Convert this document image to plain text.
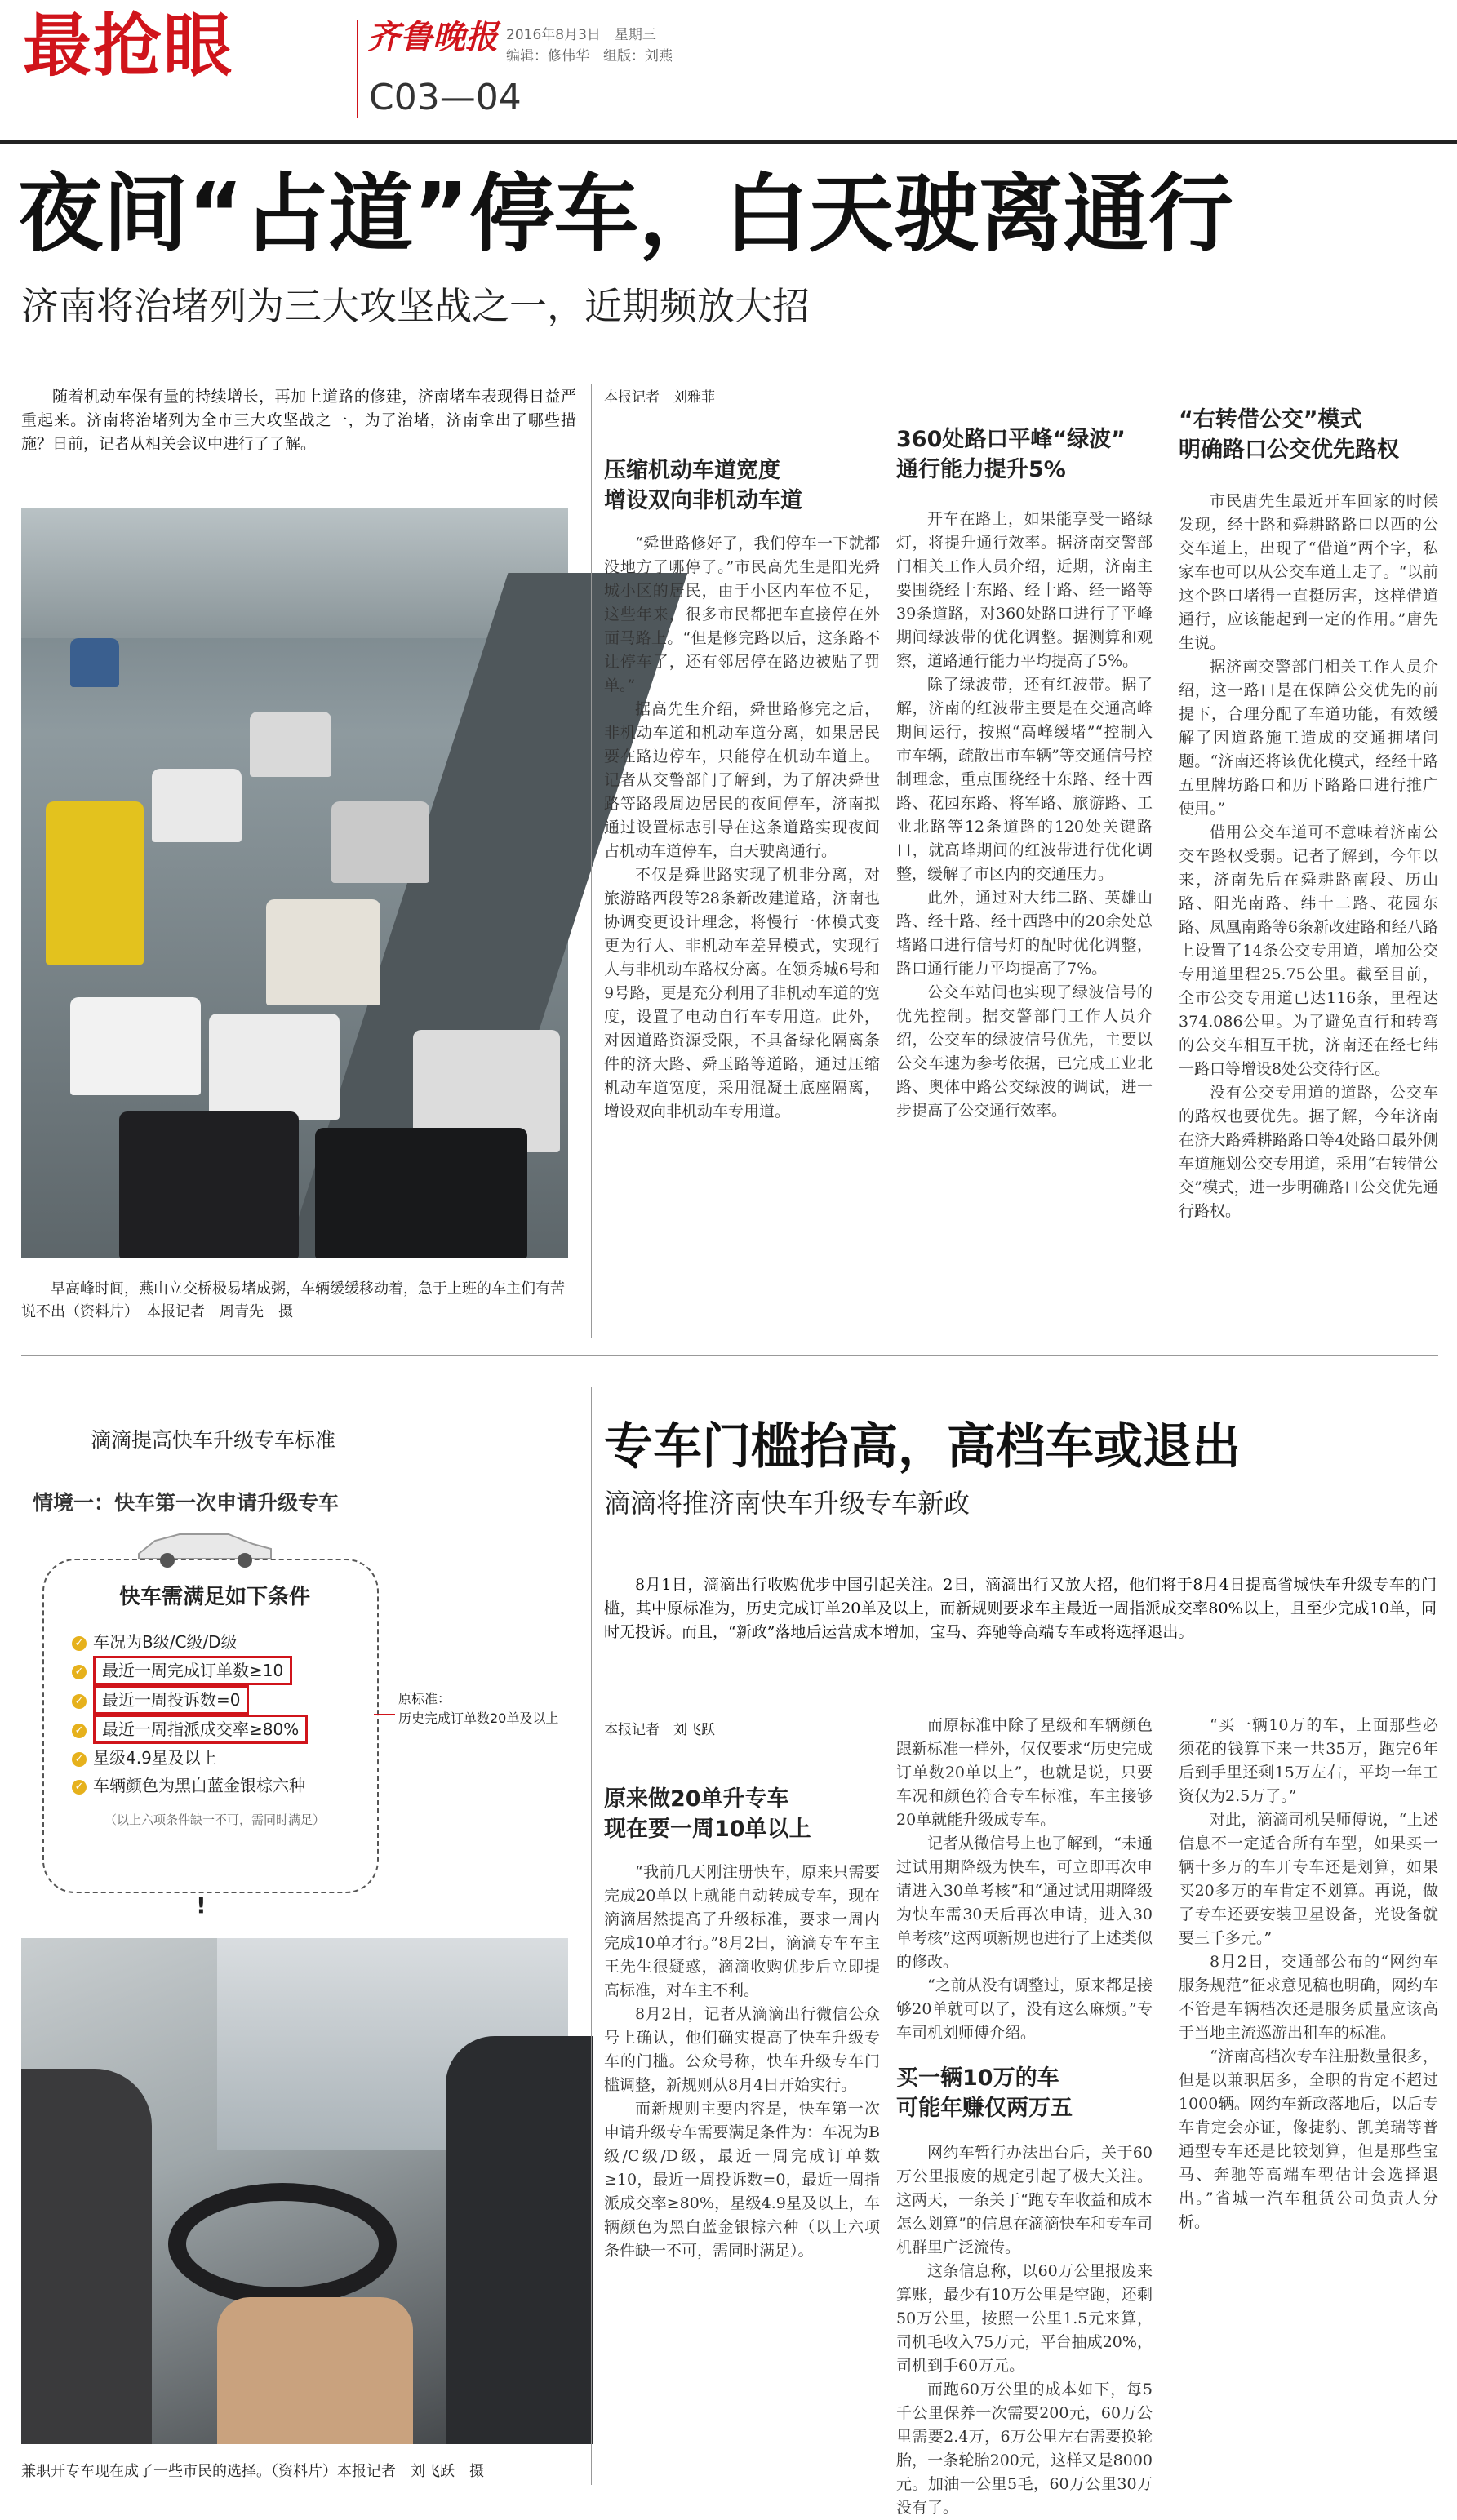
最抢眼	齐鲁晚报 2016年8月3日　 星期三
编辑：修伟华　 组版：刘燕
C03—04
夜间“占道”停车，白天驶离通行
济南将治堵列为三大攻坚战之一，近期频放大招

随着机动车保有量的持续增长，再加上道路的修建，济南堵车表现得日益严重起来。济南将治堵列为全市三大攻坚战之一，为了治堵，济南拿出了哪些措施？日前，记者从相关会议中进行了了解。

早高峰时间，燕山立交桥极易堵成粥，车辆缓缓移动着，急于上班的车主们有苦说不出（资料片）　本报记者　周青先　摄
本报记者　刘雅菲
压缩机动车道宽度
增设双向非机动车道

“舜世路修好了，我们停车一下就都没地方了哪停了。”市民高先生是阳光舜城小区的居民，由于小区内车位不足，这些年来，很多市民都把车直接停在外面马路上。“但是修完路以后，这条路不让停车了，还有邻居停在路边被贴了罚单。”

据高先生介绍，舜世路修完之后，非机动车道和机动车道分离，如果居民要在路边停车，只能停在机动车道上。记者从交警部门了解到，为了解决舜世路等路段周边居民的夜间停车，济南拟通过设置标志引导在这条道路实现夜间占机动车道停车，白天驶离通行。

不仅是舜世路实现了机非分离，对旅游路西段等28条新改建道路，济南也协调变更设计理念，将慢行一体模式变更为行人、非机动车差异模式，实现行人与非机动车路权分离。在领秀城6号和9号路，更是充分利用了非机动车道的宽度，设置了电动自行车专用道。此外，对因道路资源受限，不具备绿化隔离条件的济大路、舜玉路等道路，通过压缩机动车道宽度，采用混凝土底座隔离，增设双向非机动车专用道。

360处路口平峰“绿波”
通行能力提升5%

开车在路上，如果能享受一路绿灯，将提升通行效率。据济南交警部门相关工作人员介绍，近期，济南主要围绕经十东路、经十路、经一路等39条道路，对360处路口进行了平峰期间绿波带的优化调整。据测算和观察，道路通行能力平均提高了5%。

除了绿波带，还有红波带。据了解，济南的红波带主要是在交通高峰期间运行，按照“高峰缓堵”“控制入市车辆，疏散出市车辆”等交通信号控制理念，重点围绕经十东路、经十西路、花园东路、将军路、旅游路、工业北路等12条道路的120处关键路口，就高峰期间的红波带进行优化调整，缓解了市区内的交通压力。

此外，通过对大纬二路、英雄山路、经十路、经十西路中的20余处总堵路口进行信号灯的配时优化调整，路口通行能力平均提高了7%。

公交车站间也实现了绿波信号的优先控制。据交警部门工作人员介绍，公交车的绿波信号优先，主要以公交车速为参考依据，已完成工业北路、奥体中路公交绿波的调试，进一步提高了公交通行效率。

“右转借公交”模式
明确路口公交优先路权

市民唐先生最近开车回家的时候发现，经十路和舜耕路路口以西的公交车道上，出现了“借道”两个字，私家车也可以从公交车道上走了。“以前这个路口堵得一直挺厉害，这样借道通行，应该能起到一定的作用。”唐先生说。

据济南交警部门相关工作人员介绍，这一路口是在保障公交优先的前提下，合理分配了车道功能，有效缓解了因道路施工造成的交通拥堵问题。“济南还将该优化模式，经经十路五里牌坊路口和历下路路口进行推广使用。”

借用公交车道可不意味着济南公交车路权受弱。记者了解到，今年以来，济南先后在舜耕路南段、历山路、阳光南路、纬十二路、花园东路、凤凰南路等6条新改建路和经八路上设置了14条公交专用道，增加公交专用道里程25.75公里。截至目前，全市公交专用道已达116条，里程达374.086公里。为了避免直行和转弯的公交车相互干扰，济南还在经七纬一路口等增设8处公交待行区。

没有公交专用道的道路，公交车的路权也要优先。据了解，今年济南在济大路舜耕路路口等4处路口最外侧车道施划公交专用道，采用“右转借公交”模式，进一步明确路口公交优先通行路权。

滴滴提高快车升级专车标准
情境一：快车第一次申请升级专车
快车需满足如下条件
✓ 车况为B级/C级/D级
✓ 最近一周完成订单数≥10
✓ 最近一周投诉数=0
✓ 最近一周指派成交率≥80%
✓ 星级4.9星及以上
✓ 车辆颜色为黑白蓝金银棕六种
（以上六项条件缺一不可，需同时满足）
原标准：
历史完成订单数20单及以上
!
兼职开专车现在成了一些市民的选择。（资料片）本报记者　刘飞跃　摄
专车门槛抬高，高档车或退出
滴滴将推济南快车升级专车新政

8月1日，滴滴出行收购优步中国引起关注。2日，滴滴出行又放大招，他们将于8月4日提高省城快车升级专车的门槛，其中原标准为，历史完成订单20单及以上，而新规则要求车主最近一周指派成交率80%以上，且至少完成10单，同时无投诉。而且，“新政”落地后运营成本增加，宝马、奔驰等高端专车或将选择退出。

本报记者　刘飞跃
原来做20单升专车
现在要一周10单以上

“我前几天刚注册快车，原来只需要完成20单以上就能自动转成专车，现在滴滴居然提高了升级标准，要求一周内完成10单才行。”8月2日，滴滴专车车主王先生很疑惑，滴滴收购优步后立即提高标准，对车主不利。

8月2日，记者从滴滴出行微信公众号上确认，他们确实提高了快车升级专车的门槛。公众号称，快车升级专车门槛调整，新规则从8月4日开始实行。

而新规则主要内容是，快车第一次申请升级专车需要满足条件为：车况为B级/C级/D级，最近一周完成订单数≥10，最近一周投诉数=0，最近一周指派成交率≥80%，星级4.9星及以上，车辆颜色为黑白蓝金银棕六种（以上六项条件缺一不可，需同时满足）。

而原标准中除了星级和车辆颜色跟新标准一样外，仅仅要求“历史完成订单数20单以上”，也就是说，只要车况和颜色符合专车标准，车主接够20单就能升级成专车。

记者从微信号上也了解到，“未通过试用期降级为快车，可立即再次申请进入30单考核”和“通过试用期降级为快车需30天后再次申请，进入30单考核”这两项新规也进行了上述类似的修改。

“之前从没有调整过，原来都是接够20单就可以了，没有这么麻烦。”专车司机刘师傅介绍。

买一辆10万的车
可能年赚仅两万五

网约车暂行办法出台后，关于60万公里报废的规定引起了极大关注。这两天，一条关于“跑专车收益和成本怎么划算”的信息在滴滴快车和专车司机群里广泛流传。

这条信息称，以60万公里报废来算账，最少有10万公里是空跑，还剩50万公里，按照一公里1.5元来算，司机毛收入75万元，平台抽成20%，司机到手60万元。

而跑60万公里的成本如下，每5千公里保养一次需要200元，60万公里需要2.4万，6万公里左右需要换轮胎，一条轮胎200元，这样又是8000元。加油一公里5毛，60万公里30万没有了。

“买一辆10万的车，上面那些必须花的钱算下来一共35万，跑完6年后到手里还剩15万左右，平均一年工资仅为2.5万了。”

对此，滴滴司机吴师傅说，“上述信息不一定适合所有车型，如果买一辆十多万的车开专车还是划算，如果买20多万的车肯定不划算。再说，做了专车还要安装卫星设备，光设备就要三千多元。”

8月2日，交通部公布的“网约车服务规范”征求意见稿也明确，网约车不管是车辆档次还是服务质量应该高于当地主流巡游出租车的标准。

“济南高档次专车注册数量很多，但是以兼职居多，全职的肯定不超过1000辆。网约车新政落地后，以后专车肯定会亦证，像捷豹、凯美瑞等普通型专车还是比较划算，但是那些宝马、奔驰等高端车型估计会选择退出。”省城一汽车租赁公司负责人分析。
